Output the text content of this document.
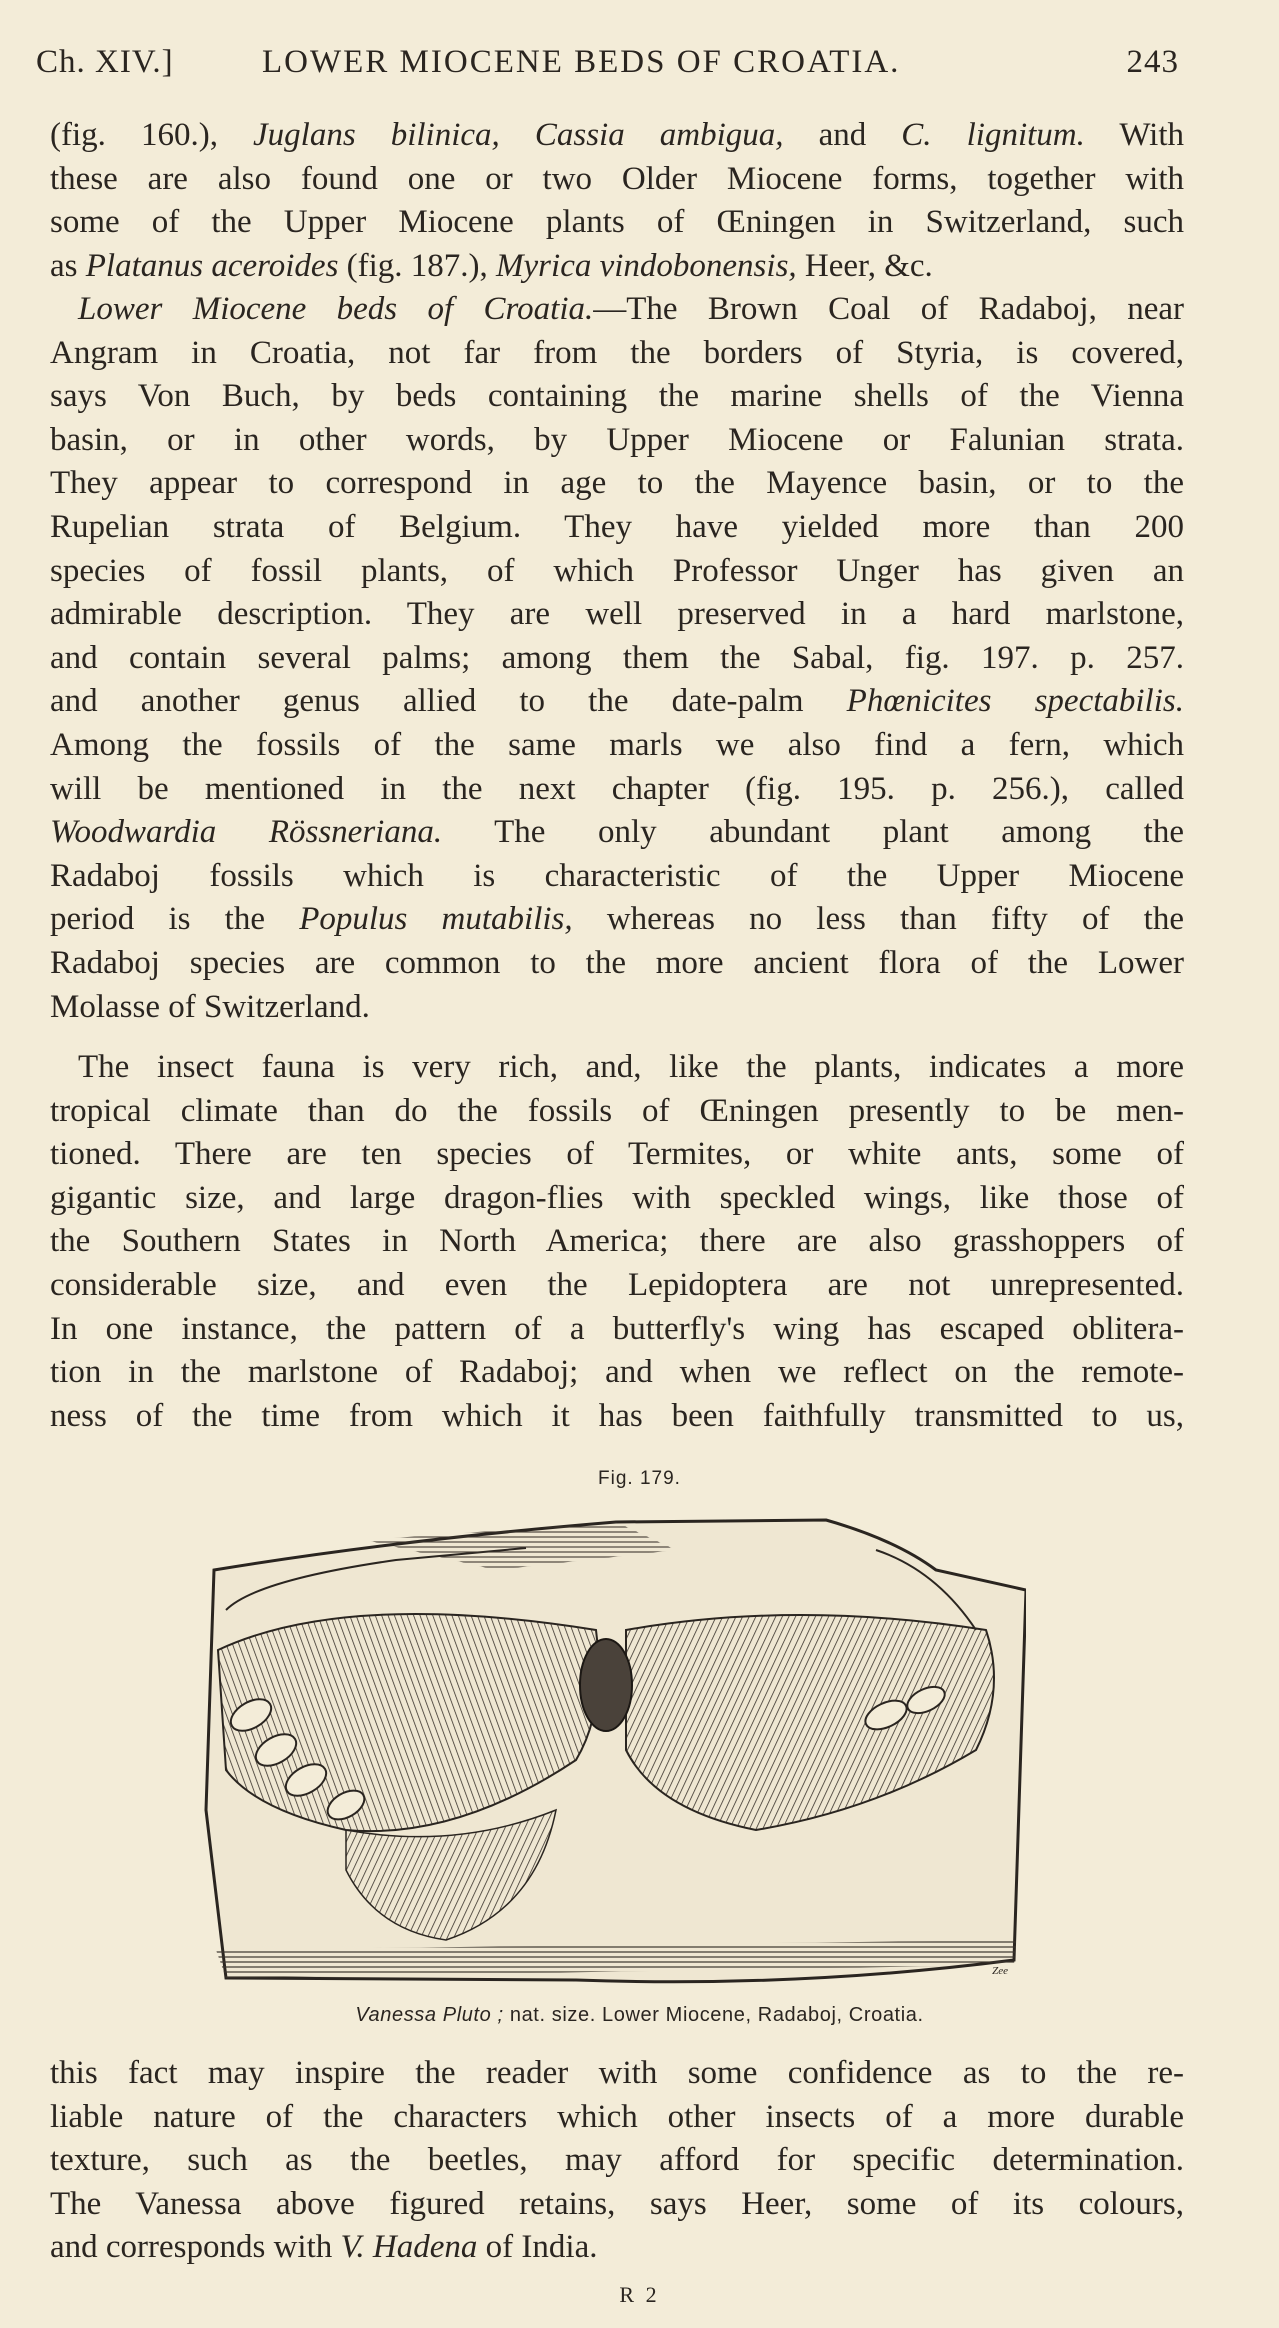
Ch. XIV.]	LOWER MIOCENE BEDS OF CROATIA.	243
(fig. 160.), Juglans bilinica, Cassia ambigua, and C. lignitum. With
these are also found one or two Older Miocene forms, together with
some of the Upper Miocene plants of Œningen in Switzerland, such
as Platanus aceroides (fig. 187.), Myrica vindobonensis, Heer, &c.
Lower Miocene beds of Croatia.—The Brown Coal of Radaboj, near
Angram in Croatia, not far from the borders of Styria, is covered,
says Von Buch, by beds containing the marine shells of the Vienna
basin, or in other words, by Upper Miocene or Falunian strata.
They appear to correspond in age to the Mayence basin, or to the
Rupelian strata of Belgium. They have yielded more than 200
species of fossil plants, of which Professor Unger has given an
admirable description. They are well preserved in a hard marlstone,
and contain several palms; among them the Sabal, fig. 197. p. 257.
and another genus allied to the date-palm Phœnicites spectabilis.
Among the fossils of the same marls we also find a fern, which
will be mentioned in the next chapter (fig. 195. p. 256.), called
Woodwardia Rössneriana. The only abundant plant among the
Radaboj fossils which is characteristic of the Upper Miocene
period is the Populus mutabilis, whereas no less than fifty of the
Radaboj species are common to the more ancient flora of the Lower
Molasse of Switzerland.
The insect fauna is very rich, and, like the plants, indicates a more
tropical climate than do the fossils of Œningen presently to be men-
tioned. There are ten species of Termites, or white ants, some of
gigantic size, and large dragon-flies with speckled wings, like those of
the Southern States in North America; there are also grasshoppers of
considerable size, and even the Lepidoptera are not unrepresented.
In one instance, the pattern of a butterfly's wing has escaped oblitera-
tion in the marlstone of Radaboj; and when we reflect on the remote-
ness of the time from which it has been faithfully transmitted to us,
Fig. 179.
Zee
Vanessa Pluto ; nat. size. Lower Miocene, Radaboj, Croatia.
this fact may inspire the reader with some confidence as to the re-
liable nature of the characters which other insects of a more durable
texture, such as the beetles, may afford for specific determination.
The Vanessa above figured retains, says Heer, some of its colours,
and corresponds with V. Hadena of India.
R 2
